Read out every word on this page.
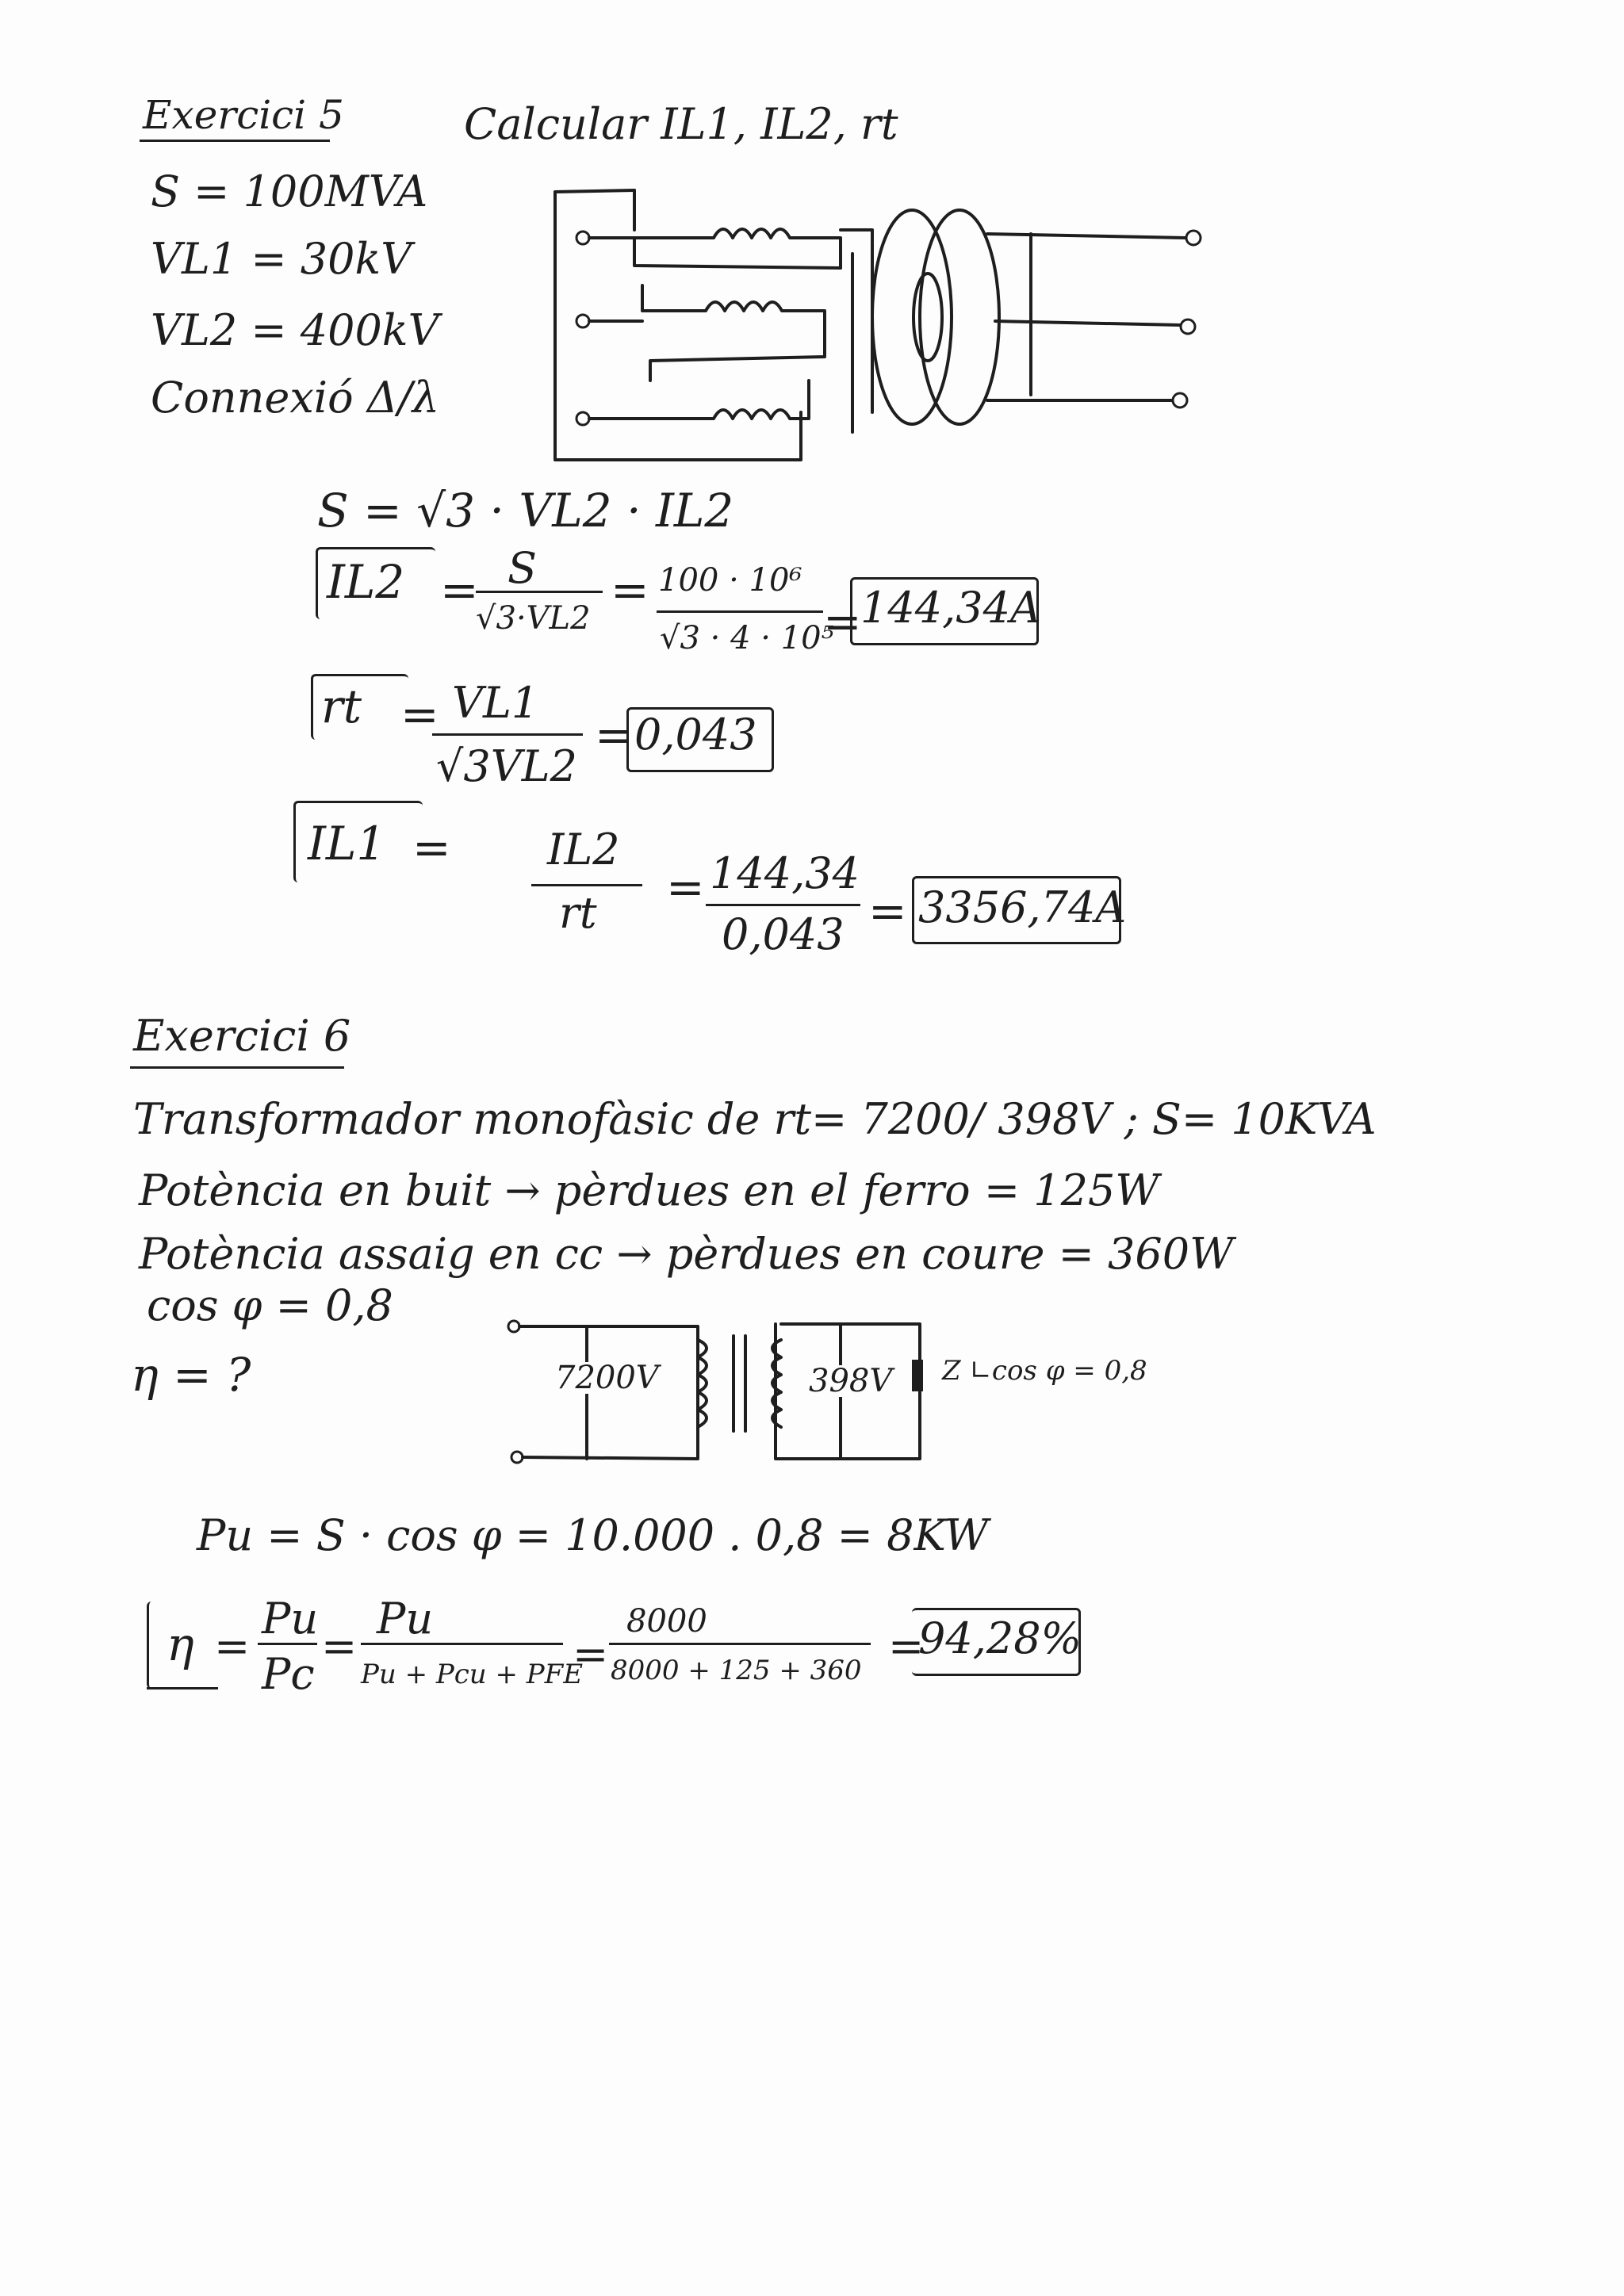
Exercici 5	Calcular IL1, IL2, rt
S = 100MVA
VL1 = 30kV
VL2 = 400kV
Connexió Δ/λ
S = √3 · VL2 · IL2
IL2 = S
√3·VL2
= 100 · 10⁶
√3 · 4 · 10⁵
=
144,34A
rt = VL1
√3VL2
= 0,043
IL1 = IL2
rt = 144,34
0,043 = 3356,74A
Exercici 6
Transformador monofàsic de rt= 7200/ 398V ; S= 10KVA
Potència en buit → pèrdues en el ferro = 125W
Potència assaig en cc → pèrdues en coure = 360W
cos φ = 0,8
η = ?	7200V	398V Z ∟cos φ = 0,8
Pu = S · cos φ = 10.000 . 0,8 = 8KW
η =
Pu
Pc
=
Pu
Pu + Pcu + PFE
=
8000
8000 + 125 + 360 =
94,28%
